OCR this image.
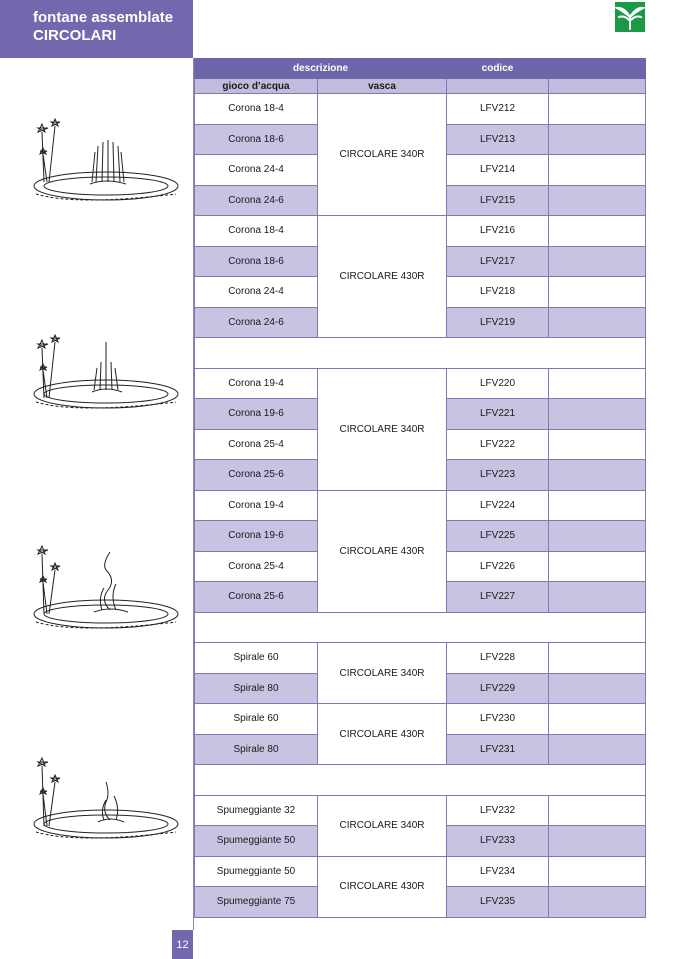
fontane assemblate
CIRCOLARI
descrizione		codice	
gioco d’acqua	vasca		
Corona 18-4	CIRCOLARE 340R	LFV212	
Corona 18-6		LFV213	
Corona 24-4		LFV214	
Corona 24-6		LFV215	
Corona 18-4	CIRCOLARE 430R	LFV216	
Corona 18-6		LFV217	
Corona 24-4		LFV218	
Corona 24-6		LFV219	

Corona 19-4	CIRCOLARE 340R	LFV220	
Corona 19-6		LFV221	
Corona 25-4		LFV222	
Corona 25-6		LFV223	
Corona 19-4	CIRCOLARE 430R	LFV224	
Corona 19-6		LFV225	
Corona 25-4		LFV226	
Corona 25-6		LFV227	

Spirale 60	CIRCOLARE 340R	LFV228	
Spirale 80		LFV229	
Spirale 60	CIRCOLARE 430R	LFV230	
Spirale 80		LFV231	

Spumeggiante 32	CIRCOLARE 340R	LFV232	
Spumeggiante 50		LFV233	
Spumeggiante 50	CIRCOLARE 430R	LFV234	
Spumeggiante 75		LFV235	
12
